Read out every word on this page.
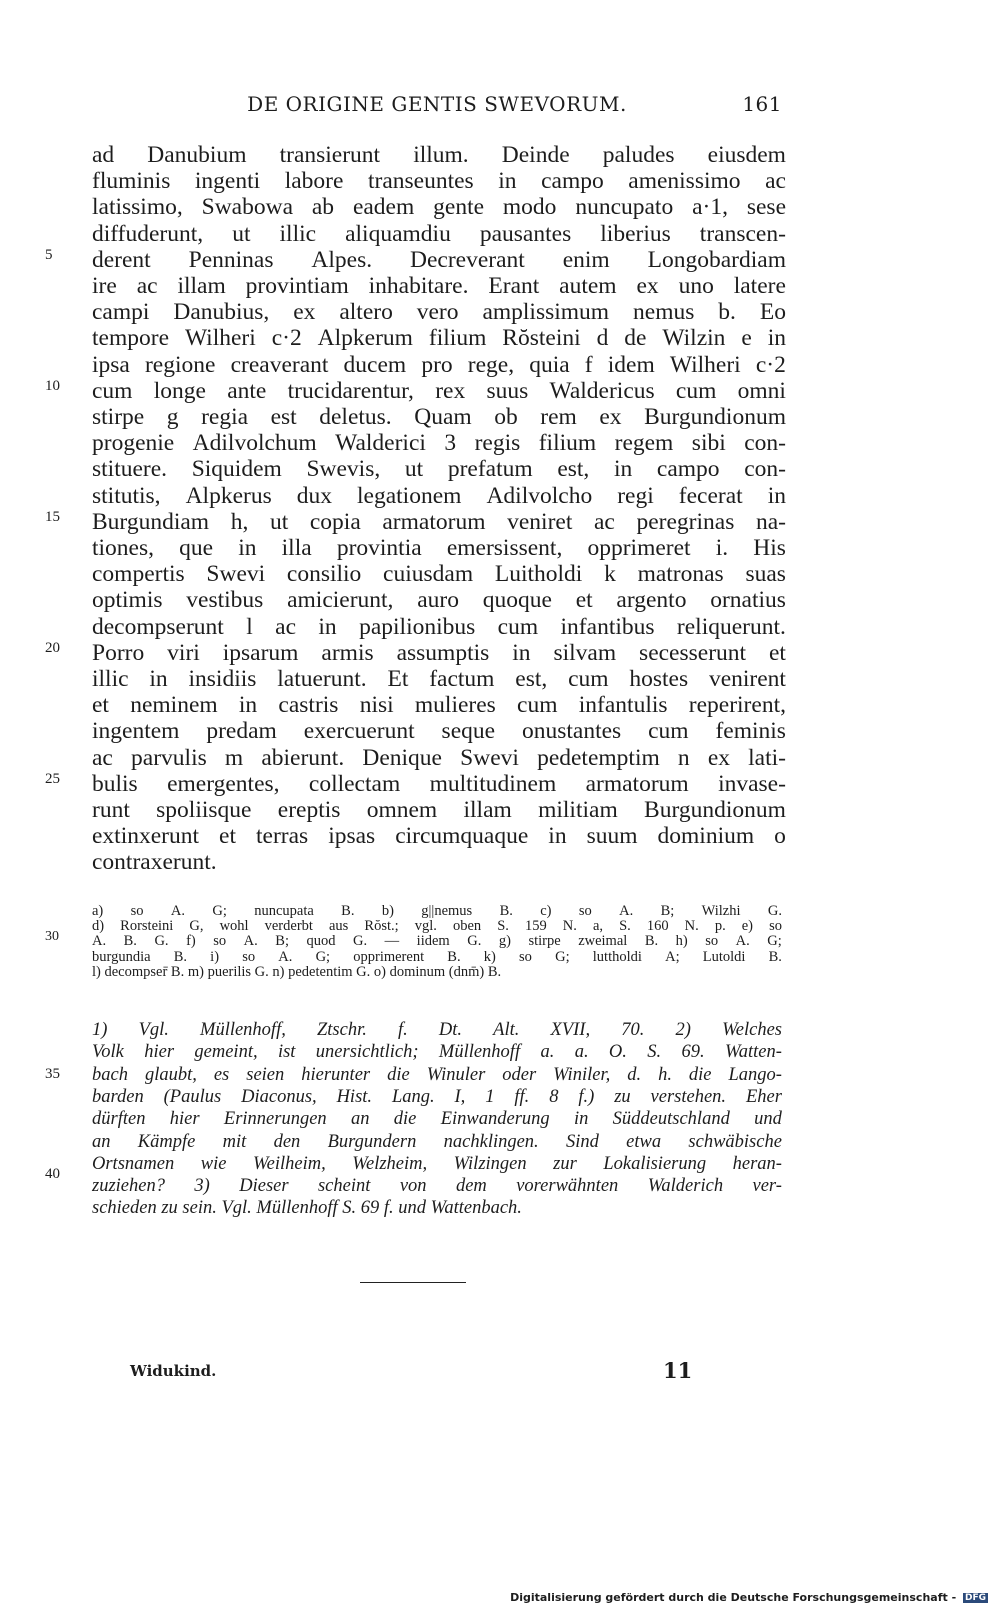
DE ORIGINE GENTIS SWEVORUM.	161
ad Danubium transierunt illum. Deinde paludes eiusdem
fluminis ingenti labore transeuntes in campo amenissimo ac
latissimo, Swabowa ab eadem gente modo nuncupato a·1, sese
diffuderunt, ut illic aliquamdiu pausantes liberius transcen-
derent Penninas Alpes. Decreverant enim Longobardiam
ire ac illam provintiam inhabitare. Erant autem ex uno latere
campi Danubius, ex altero vero amplissimum nemus b. Eo
tempore Wilheri c·2 Alpkerum filium Rŏsteini d de Wilzin e in
ipsa regione creaverant ducem pro rege, quia f idem Wilheri c·2
cum longe ante trucidarentur, rex suus Waldericus cum omni
stirpe g regia est deletus. Quam ob rem ex Burgundionum
progenie Adilvolchum Walderici 3 regis filium regem sibi con-
stituere. Siquidem Swevis, ut prefatum est, in campo con-
stitutis, Alpkerus dux legationem Adilvolcho regi fecerat in
Burgundiam h, ut copia armatorum veniret ac peregrinas na-
tiones, que in illa provintia emersissent, opprimeret i. His
compertis Swevi consilio cuiusdam Luitholdi k matronas suas
optimis vestibus amicierunt, auro quoque et argento ornatius
decompserunt l ac in papilionibus cum infantibus reliquerunt.
Porro viri ipsarum armis assumptis in silvam secesserunt et
illic in insidiis latuerunt. Et factum est, cum hostes venirent
et neminem in castris nisi mulieres cum infantulis reperirent,
ingentem predam exercuerunt seque onustantes cum feminis
ac parvulis m abierunt. Denique Swevi pedetemptim n ex lati-
bulis emergentes, collectam multitudinem armatorum invase-
runt spoliisque ereptis omnem illam militiam Burgundionum
extinxerunt et terras ipsas circumquaque in suum dominium o
contraxerunt.
5
10
15
20
25
a) so A. G; nuncupata B. b) g||nemus B. c) so A. B; Wilzhi G.
d) Rorsteini G, wohl verderbt aus Rŏst.; vgl. oben S. 159 N. a, S. 160 N. p. e) so
A. B. G. f) so A. B; quod G. — iidem G. g) stirpe zweimal B. h) so A. G;
burgundia B. i) so A. G; opprimerent B. k) so G; luttholdi A; Lutoldi B.
l) decompser̄ B. m) puerilis G. n) pedetentim G. o) dominum (dnm̄) B.
30
1) Vgl. Müllenhoff, Ztschr. f. Dt. Alt. XVII, 70. 2) Welches
Volk hier gemeint, ist unersichtlich; Müllenhoff a. a. O. S. 69. Watten-
bach glaubt, es seien hierunter die Winuler oder Winiler, d. h. die Lango-
barden (Paulus Diaconus, Hist. Lang. I, 1 ff. 8 f.) zu verstehen. Eher
dürften hier Erinnerungen an die Einwanderung in Süddeutschland und
an Kämpfe mit den Burgundern nachklingen. Sind etwa schwäbische
Ortsnamen wie Weilheim, Welzheim, Wilzingen zur Lokalisierung heran-
zuziehen? 3) Dieser scheint von dem vorerwähnten Walderich ver-
schieden zu sein. Vgl. Müllenhoff S. 69 f. und Wattenbach.
35
40
Widukind.	11
Digitalisierung gefördert durch die Deutsche Forschungsgemeinschaft - DFG
